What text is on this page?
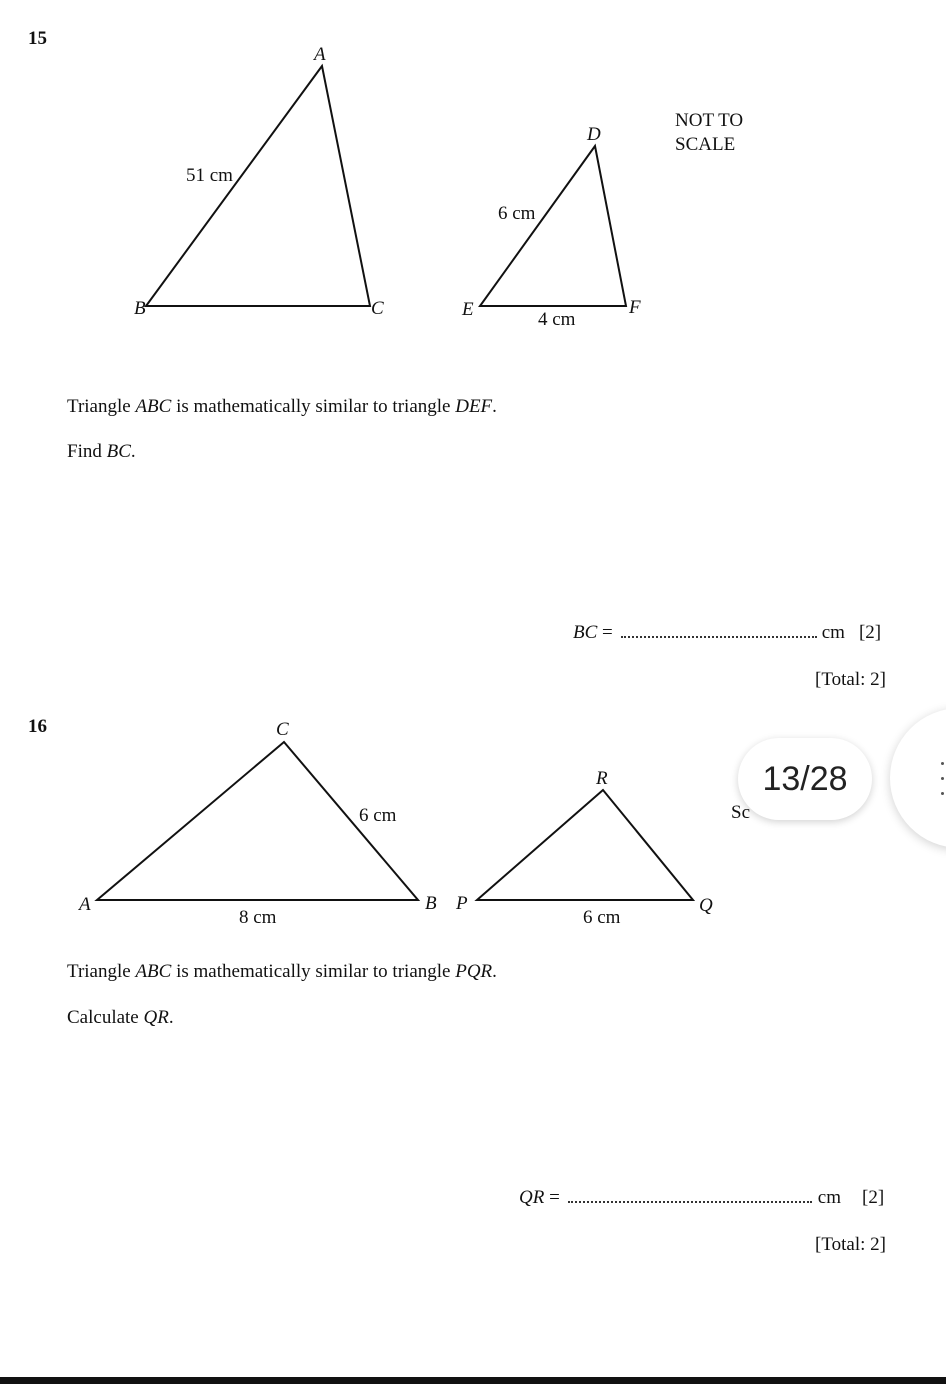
15
A
B	C
51 cm
D
E	F
6 cm
4 cm
NOT TO
SCALE
Triangle ABC is mathematically similar to triangle DEF.
Find BC.
BC =	cm [2]
[Total: 2]
16	C
A	B
6 cm
8 cm
R
P	Q
6 cm
Sc
Triangle ABC is mathematically similar to triangle PQR.
Calculate QR.
QR =	cm [2]
[Total: 2]
13/28
